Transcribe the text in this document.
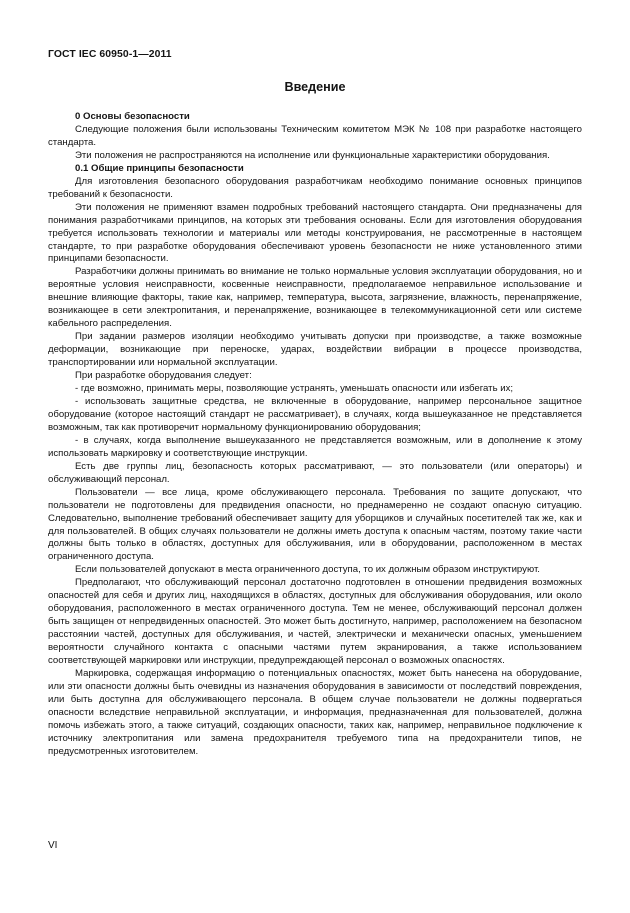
ГОСТ IEC 60950-1—2011
Введение

0 Основы безопасности

Следующие положения были использованы Техническим комитетом МЭК № 108 при разработке настоящего стандарта.

Эти положения не распространяются на исполнение или функциональные характеристики оборудования.

0.1 Общие принципы безопасности

Для изготовления безопасного оборудования разработчикам необходимо понимание основных принципов требований к безопасности.

Эти положения не применяют взамен подробных требований настоящего стандарта. Они предназначены для понимания разработчиками принципов, на которых эти требования основаны. Если для изготовления оборудования требуется использовать технологии и материалы или методы конструирования, не рассмотренные в настоящем стандарте, то при разработке оборудования обеспечивают уровень безопасности не ниже установленного этими принципами безопасности.

Разработчики должны принимать во внимание не только нормальные условия эксплуатации оборудования, но и вероятные условия неисправности, косвенные неисправности, предполагаемое неправильное использование и внешние влияющие факторы, такие как, например, температура, высота, загрязнение, влажность, перенапряжение, возникающее в сети электропитания, и перенапряжение, возникающее в телекоммуникационной сети или системе кабельного распределения.

При задании размеров изоляции необходимо учитывать допуски при производстве, а также возможные деформации, возникающие при переноске, ударах, воздействии вибрации в процессе производства, транспортировании или нормальной эксплуатации.

При разработке оборудования следует:

- где возможно, принимать меры, позволяющие устранять, уменьшать опасности или избегать их;

- использовать защитные средства, не включенные в оборудование, например персональное защитное оборудование (которое настоящий стандарт не рассматривает), в случаях, когда вышеуказанное не представляется возможным, так как противоречит нормальному функционированию оборудования;

- в случаях, когда выполнение вышеуказанного не представляется возможным, или в дополнение к этому использовать маркировку и соответствующие инструкции.

Есть две группы лиц, безопасность которых рассматривают, — это пользователи (или операторы) и обслуживающий персонал.

Пользователи — все лица, кроме обслуживающего персонала. Требования по защите допускают, что пользователи не подготовлены для предвидения опасности, но преднамеренно не создают опасную ситуацию. Следовательно, выполнение требований обеспечивает защиту для уборщиков и случайных посетителей так же, как и для пользователей. В общих случаях пользователи не должны иметь доступа к опасным частям, поэтому такие части должны быть только в областях, доступных для обслуживания, или в оборудовании, расположенном в местах ограниченного доступа.

Если пользователей допускают в места ограниченного доступа, то их должным образом инструктируют.

Предполагают, что обслуживающий персонал достаточно подготовлен в отношении предвидения возможных опасностей для себя и других лиц, находящихся в областях, доступных для обслуживания оборудования, или около оборудования, расположенного в местах ограниченного доступа. Тем не менее, обслуживающий персонал должен быть защищен от непредвиденных опасностей. Это может быть достигнуто, например, расположением на безопасном расстоянии частей, доступных для обслуживания, и частей, электрически и механически опасных, уменьшением вероятности случайного контакта с опасными частями путем экранирования, а также использованием соответствующей маркировки или инструкции, предупреждающей персонал о возможных опасностях.

Маркировка, содержащая информацию о потенциальных опасностях, может быть нанесена на оборудование, или эти опасности должны быть очевидны из назначения оборудования в зависимости от последствий повреждения, или быть доступна для обслуживающего персонала. В общем случае пользователи не должны подвергаться опасности вследствие неправильной эксплуатации, и информация, предназначенная для пользователей, должна помочь избежать этого, а также ситуаций, создающих опасности, таких как, например, неправильное подключение к источнику электропитания или замена предохранителя требуемого типа на предохранители типов, не предусмотренных изготовителем.

VI
